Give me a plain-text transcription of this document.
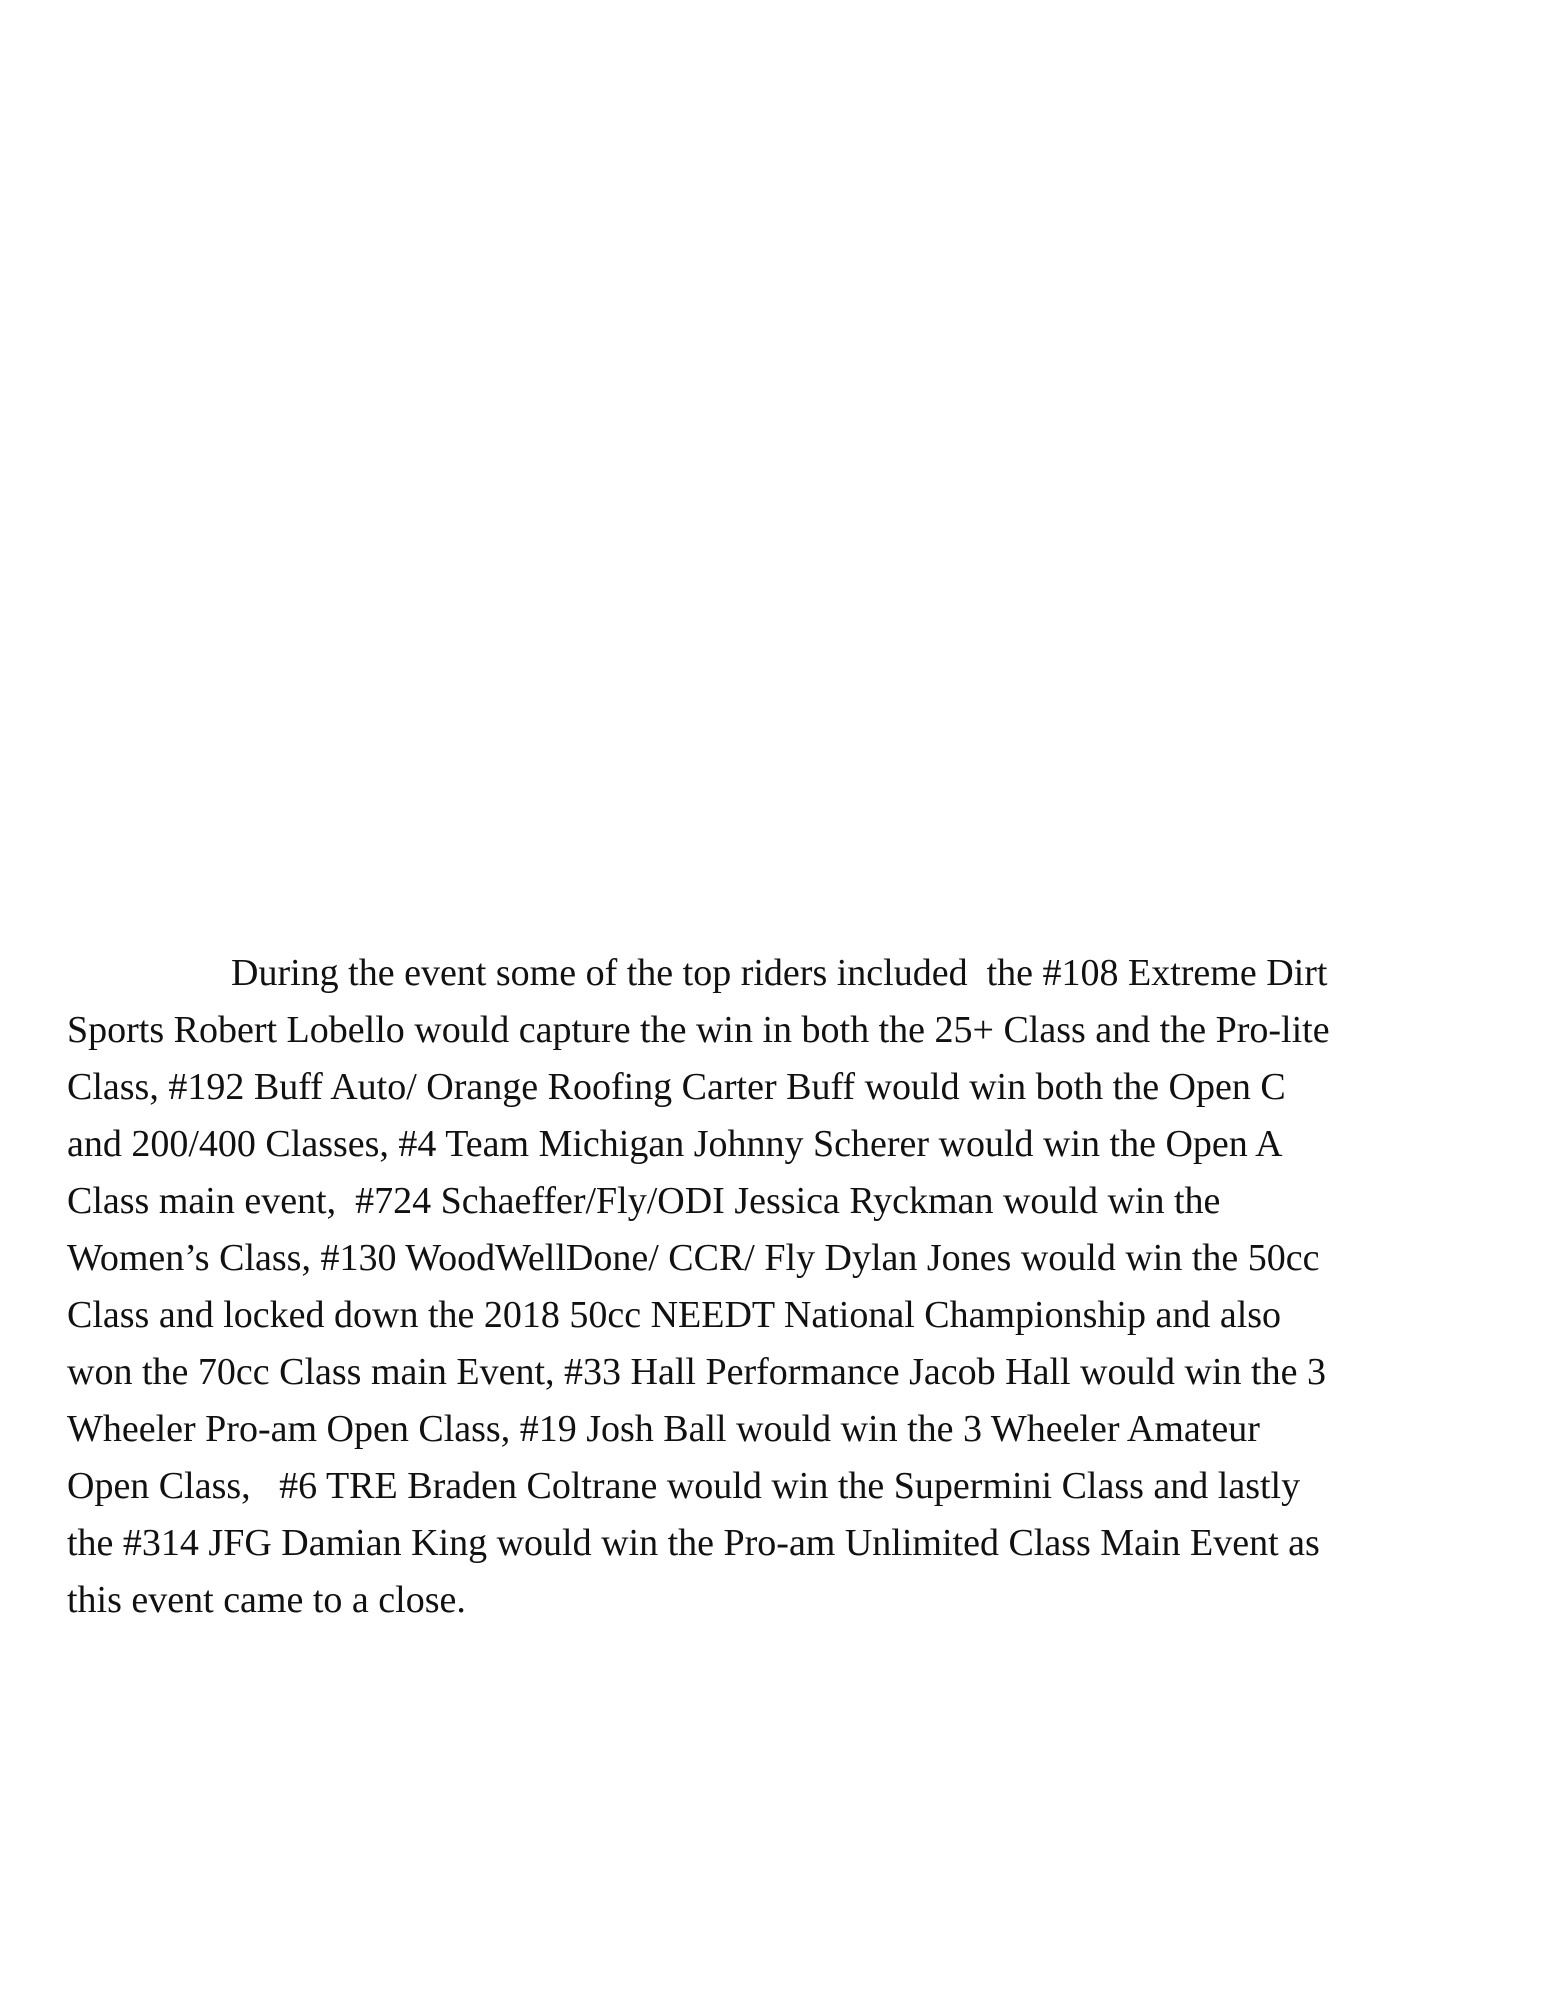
During the event some of the top riders included  the #108 Extreme Dirt
Sports Robert Lobello would capture the win in both the 25+ Class and the Pro-lite
Class, #192 Buff Auto/ Orange Roofing Carter Buff would win both the Open C
and 200/400 Classes, #4 Team Michigan Johnny Scherer would win the Open A
Class main event,  #724 Schaeffer/Fly/ODI Jessica Ryckman would win the
Women’s Class, #130 WoodWellDone/ CCR/ Fly Dylan Jones would win the 50cc
Class and locked down the 2018 50cc NEEDT National Championship and also
won the 70cc Class main Event, #33 Hall Performance Jacob Hall would win the 3
Wheeler Pro-am Open Class, #19 Josh Ball would win the 3 Wheeler Amateur
Open Class,   #6 TRE Braden Coltrane would win the Supermini Class and lastly
the #314 JFG Damian King would win the Pro-am Unlimited Class Main Event as
this event came to a close.
